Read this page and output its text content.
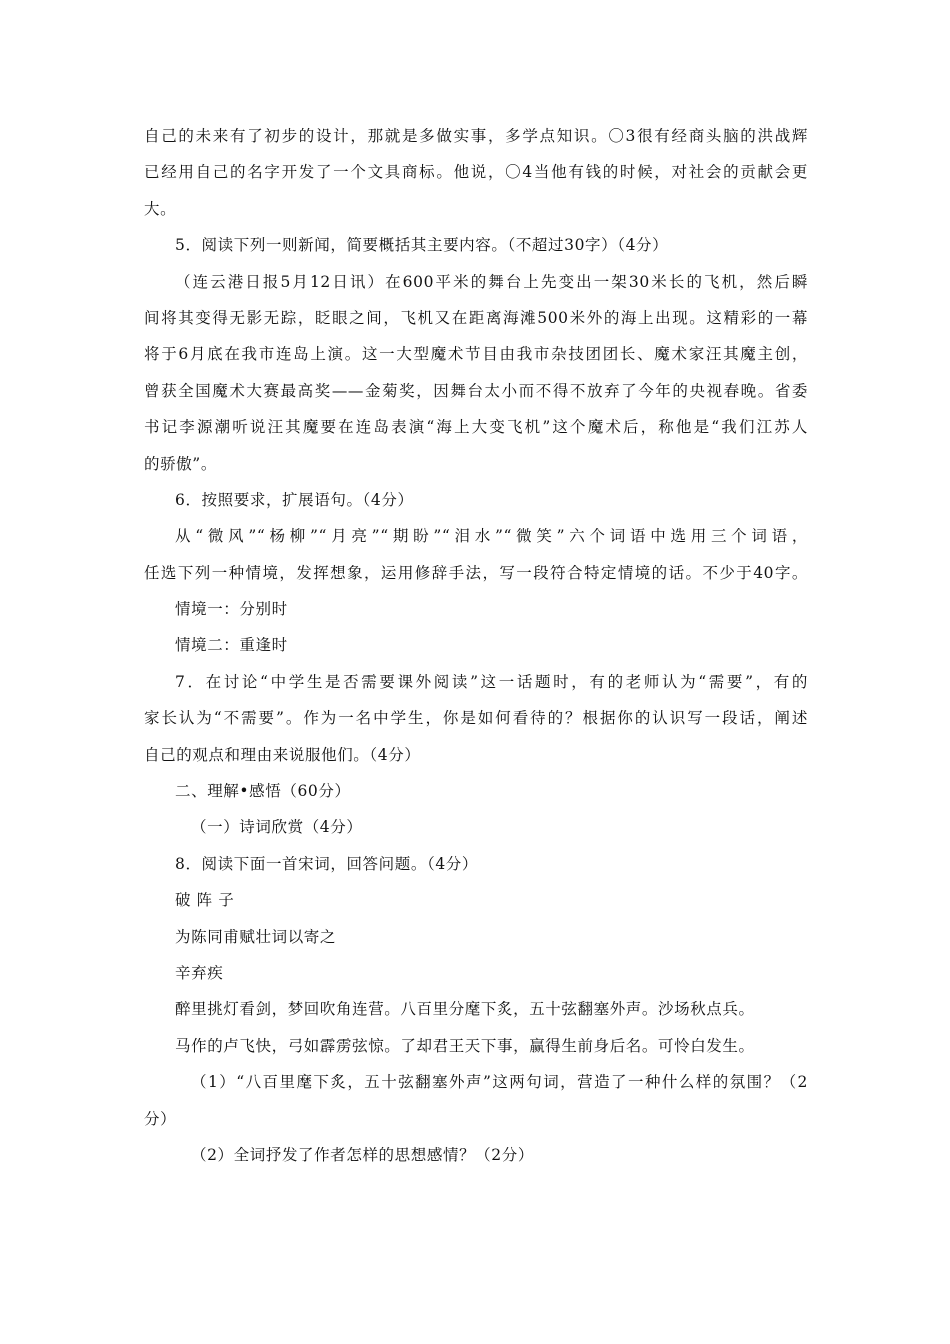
自己的未来有了初步的设计，那就是多做实事，多学点知识。〇3很有经商头脑的洪战辉
已经用自己的名字开发了一个文具商标。他说，〇4当他有钱的时候，对社会的贡献会更
大。
5．阅读下列一则新闻，简要概括其主要内容。（不超过30字）（4分）
（连云港日报5月12日讯）在600平米的舞台上先变出一架30米长的飞机，然后瞬
间将其变得无影无踪，眨眼之间，飞机又在距离海滩500米外的海上出现。这精彩的一幕
将于6月底在我市连岛上演。这一大型魔术节目由我市杂技团团长、魔术家汪其魔主创，
曾获全国魔术大赛最高奖——金菊奖，因舞台太小而不得不放弃了今年的央视春晚。省委
书记李源潮听说汪其魔要在连岛表演“海上大变飞机”这个魔术后，称他是“我们江苏人
的骄傲”。
6．按照要求，扩展语句。（4分）
从“微风”“杨柳”“月亮”“期盼”“泪水”“微笑”六个词语中选用三个词语，
任选下列一种情境，发挥想象，运用修辞手法，写一段符合特定情境的话。不少于40字。
情境一：分别时
情境二：重逢时
7．在讨论“中学生是否需要课外阅读”这一话题时，有的老师认为“需要”，有的
家长认为“不需要”。作为一名中学生，你是如何看待的？根据你的认识写一段话，阐述
自己的观点和理由来说服他们。（4分）
二、理解•感悟（60分）
（一）诗词欣赏（4分）
8．阅读下面一首宋词，回答问题。（4分）
破 阵 子
为陈同甫赋壮词以寄之
辛弃疾
醉里挑灯看剑，梦回吹角连营。八百里分麾下炙，五十弦翻塞外声。沙场秋点兵。
马作的卢飞快，弓如霹雳弦惊。了却君王天下事，赢得生前身后名。可怜白发生。
（1）“八百里麾下炙，五十弦翻塞外声”这两句词，营造了一种什么样的氛围？（2
分）
（2）全词抒发了作者怎样的思想感情？（2分）
